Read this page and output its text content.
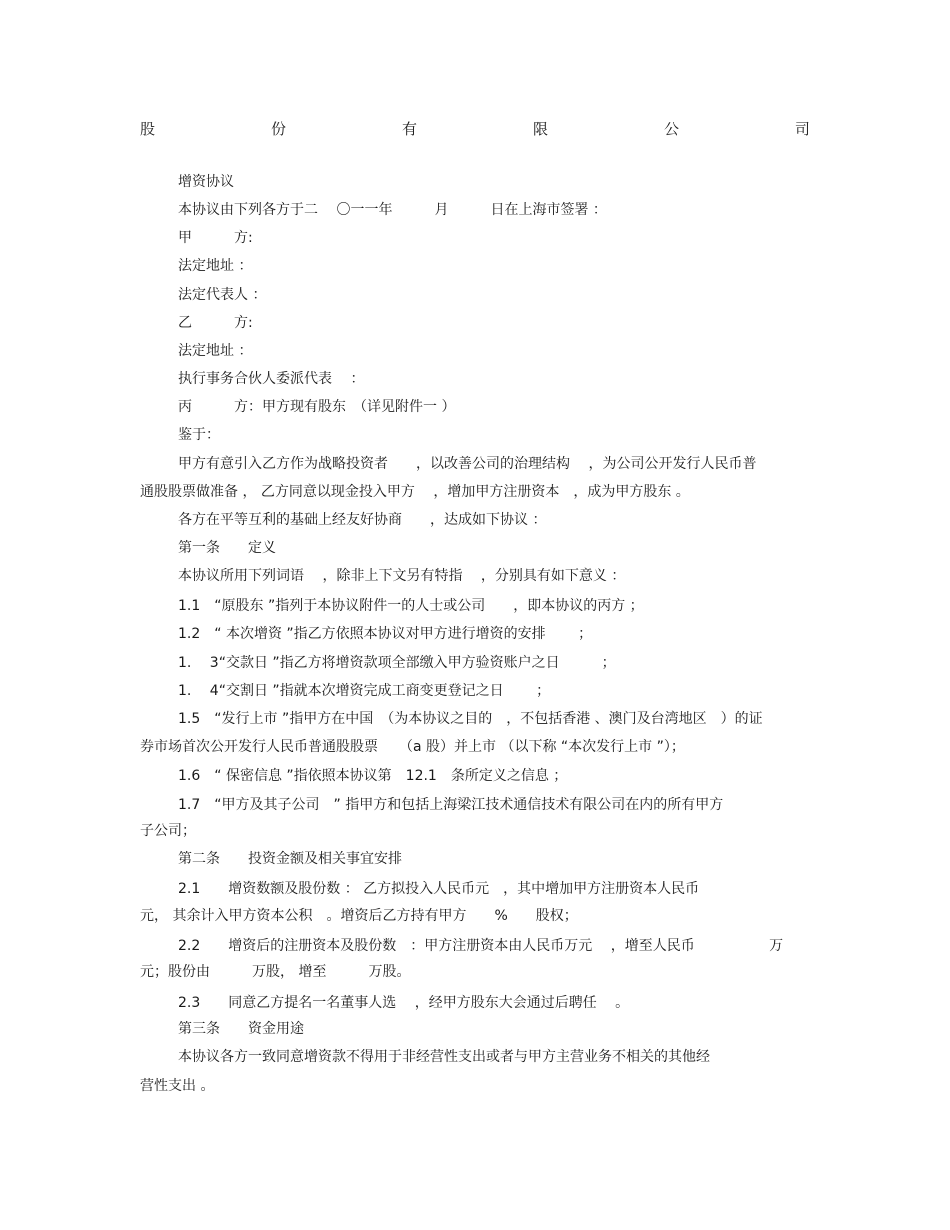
股	份	有	限	公	司
增资协议
本协议由下列各方于二　 〇一一年　　　月　　　日在上海市签署 ：
甲　　　方:
法定地址 ：
法定代表人 ：
乙　　　方:
法定地址 ：
执行事务合伙人委派代表　 ：
丙　　　方：甲方现有股东　（详见附件一 ）
鉴于：
甲方有意引入乙方作为战略投资者　　，以改善公司的治理结构　 ，为公司公开发行人民币普
通股股票做准备 ， 乙方同意以现金投入甲方　 ，增加甲方注册资本　，成为甲方股东 。
各方在平等互利的基础上经友好协商　　，达成如下协议 ：
第一条　　定义
本协议所用下列词语　 ，除非上下文另有特指　 ，分别具有如下意义 ：
1.1　“原股东 ”指列于本协议附件一的人士或公司　　，即本协议的丙方 ；
1.2　“ 本次增资 ”指乙方依照本协议对甲方进行增资的安排　　 ；
1.　 3“交款日 ”指乙方将增资款项全部缴入甲方验资账户之日　　　；
1.　 4“交割日 ”指就本次增资完成工商变更登记之日　　 ；
1.5　“发行上市 ”指甲方在中国　（为本协议之目的　，不包括香港 、澳门及台湾地区　）的证
券市场首次公开发行人民币普通股股票　　（a 股）并上市 （以下称 “本次发行上市 ”）；
1.6　“ 保密信息 ”指依照本协议第　12.1　条所定义之信息 ；
1.7　“甲方及其子公司　” 指甲方和包括上海梁江技术通信技术有限公司在内的所有甲方
子公司；
第二条　　投资金额及相关事宜安排
2.1　　增资数额及股份数 ： 乙方拟投入人民币元　，其中增加甲方注册资本人民币
元， 其余计入甲方资本公积　。增资后乙方持有甲方　　%　　股权；
2.2　　增资后的注册资本及股份数　：甲方注册资本由人民币万元　 ，增至人民币　　　　　 万
元；股份由　　　万股， 增至　　　万股。
2.3　　同意乙方提名一名董事人选　 ，经甲方股东大会通过后聘任　 。
第三条　　资金用途
本协议各方一致同意增资款不得用于非经营性支出或者与甲方主营业务不相关的其他经
营性支出 。
